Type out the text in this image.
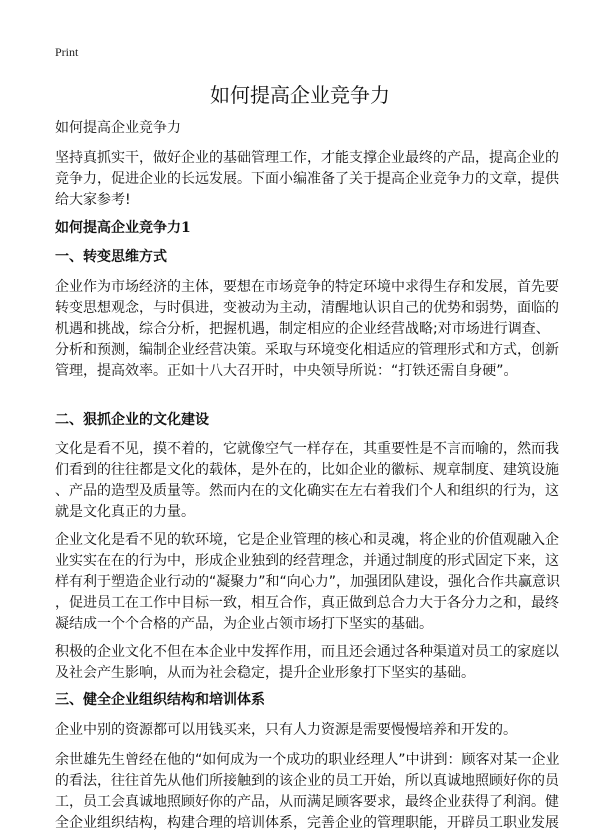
Print
如何提高企业竞争力
如何提高企业竞争力
坚持真抓实干，做好企业的基础管理工作，才能支撑企业最终的产品，提高企业的
竞争力，促进企业的长远发展。下面小编准备了关于提高企业竞争力的文章，提供
给大家参考!
如何提高企业竞争力1
一、转变思维方式
企业作为市场经济的主体，要想在市场竞争的特定环境中求得生存和发展，首先要
转变思想观念，与时俱进，变被动为主动，清醒地认识自己的优势和弱势，面临的
机遇和挑战，综合分析，把握机遇，制定相应的企业经营战略;对市场进行调查、
分析和预测，编制企业经营决策。采取与环境变化相适应的管理形式和方式，创新
管理，提高效率。正如十八大召开时，中央领导所说：“打铁还需自身硬”。
二、狠抓企业的文化建设
文化是看不见，摸不着的，它就像空气一样存在，其重要性是不言而喻的，然而我
们看到的往往都是文化的载体，是外在的，比如企业的徽标、规章制度、建筑设施
、产品的造型及质量等。然而内在的文化确实在左右着我们个人和组织的行为，这
就是文化真正的力量。
企业文化是看不见的软环境，它是企业管理的核心和灵魂，将企业的价值观融入企
业实实在在的行为中，形成企业独到的经营理念，并通过制度的形式固定下来，这
样有利于塑造企业行动的“凝聚力”和“向心力”，加强团队建设，强化合作共赢意识
，促进员工在工作中目标一致，相互合作，真正做到总合力大于各分力之和，最终
凝结成一个个合格的产品，为企业占领市场打下坚实的基础。
积极的企业文化不但在本企业中发挥作用，而且还会通过各种渠道对员工的家庭以
及社会产生影响，从而为社会稳定，提升企业形象打下坚实的基础。
三、健全企业组织结构和培训体系
企业中别的资源都可以用钱买来，只有人力资源是需要慢慢培养和开发的。
余世雄先生曾经在他的“如何成为一个成功的职业经理人”中讲到：顾客对某一企业
的看法，往往首先从他们所接触到的该企业的员工开始，所以真诚地照顾好你的员
工，员工会真诚地照顾好你的产品，从而满足顾客要求，最终企业获得了利润。健
全企业组织结构，构建合理的培训体系，完善企业的管理职能，开辟员工职业发展
